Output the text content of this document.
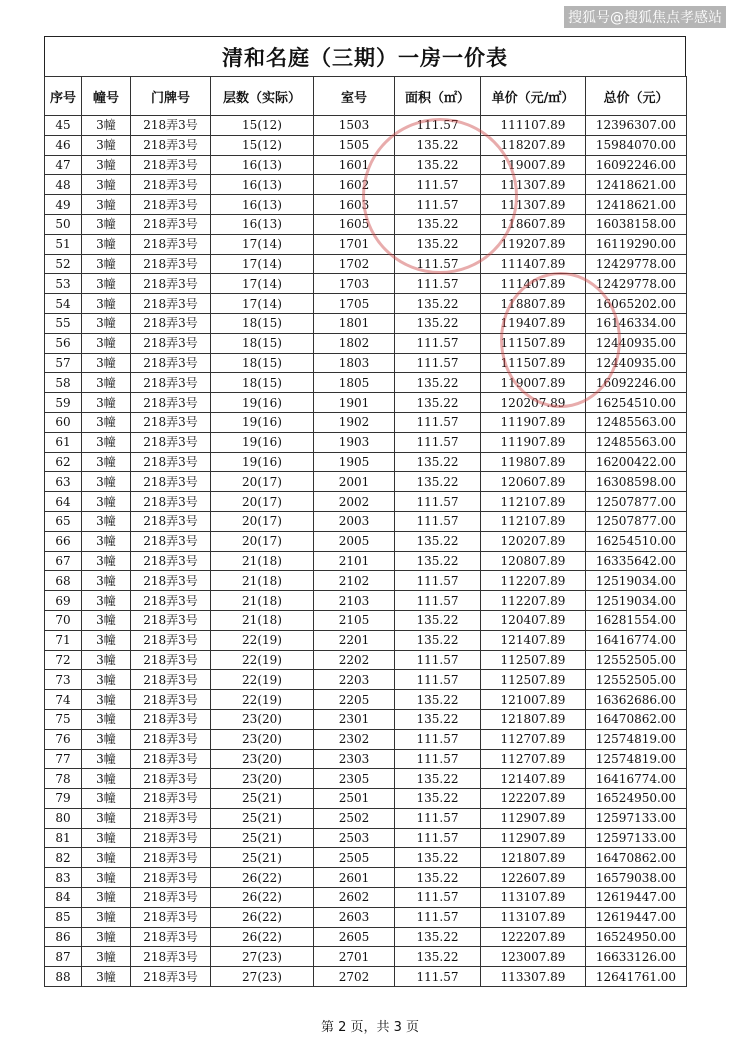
搜狐号@搜狐焦点孝感站
清和名庭（三期）一房一价表
序号	幢号	门牌号	层数（实际）	室号	面积（㎡）	单价（元/㎡）	总价（元）
45	3幢	218弄3号	15(12)	1503	111.57	111107.89	12396307.00
46	3幢	218弄3号	15(12)	1505	135.22	118207.89	15984070.00
47	3幢	218弄3号	16(13)	1601	135.22	119007.89	16092246.00
48	3幢	218弄3号	16(13)	1602	111.57	111307.89	12418621.00
49	3幢	218弄3号	16(13)	1603	111.57	111307.89	12418621.00
50	3幢	218弄3号	16(13)	1605	135.22	118607.89	16038158.00
51	3幢	218弄3号	17(14)	1701	135.22	119207.89	16119290.00
52	3幢	218弄3号	17(14)	1702	111.57	111407.89	12429778.00
53	3幢	218弄3号	17(14)	1703	111.57	111407.89	12429778.00
54	3幢	218弄3号	17(14)	1705	135.22	118807.89	16065202.00
55	3幢	218弄3号	18(15)	1801	135.22	119407.89	16146334.00
56	3幢	218弄3号	18(15)	1802	111.57	111507.89	12440935.00
57	3幢	218弄3号	18(15)	1803	111.57	111507.89	12440935.00
58	3幢	218弄3号	18(15)	1805	135.22	119007.89	16092246.00
59	3幢	218弄3号	19(16)	1901	135.22	120207.89	16254510.00
60	3幢	218弄3号	19(16)	1902	111.57	111907.89	12485563.00
61	3幢	218弄3号	19(16)	1903	111.57	111907.89	12485563.00
62	3幢	218弄3号	19(16)	1905	135.22	119807.89	16200422.00
63	3幢	218弄3号	20(17)	2001	135.22	120607.89	16308598.00
64	3幢	218弄3号	20(17)	2002	111.57	112107.89	12507877.00
65	3幢	218弄3号	20(17)	2003	111.57	112107.89	12507877.00
66	3幢	218弄3号	20(17)	2005	135.22	120207.89	16254510.00
67	3幢	218弄3号	21(18)	2101	135.22	120807.89	16335642.00
68	3幢	218弄3号	21(18)	2102	111.57	112207.89	12519034.00
69	3幢	218弄3号	21(18)	2103	111.57	112207.89	12519034.00
70	3幢	218弄3号	21(18)	2105	135.22	120407.89	16281554.00
71	3幢	218弄3号	22(19)	2201	135.22	121407.89	16416774.00
72	3幢	218弄3号	22(19)	2202	111.57	112507.89	12552505.00
73	3幢	218弄3号	22(19)	2203	111.57	112507.89	12552505.00
74	3幢	218弄3号	22(19)	2205	135.22	121007.89	16362686.00
75	3幢	218弄3号	23(20)	2301	135.22	121807.89	16470862.00
76	3幢	218弄3号	23(20)	2302	111.57	112707.89	12574819.00
77	3幢	218弄3号	23(20)	2303	111.57	112707.89	12574819.00
78	3幢	218弄3号	23(20)	2305	135.22	121407.89	16416774.00
79	3幢	218弄3号	25(21)	2501	135.22	122207.89	16524950.00
80	3幢	218弄3号	25(21)	2502	111.57	112907.89	12597133.00
81	3幢	218弄3号	25(21)	2503	111.57	112907.89	12597133.00
82	3幢	218弄3号	25(21)	2505	135.22	121807.89	16470862.00
83	3幢	218弄3号	26(22)	2601	135.22	122607.89	16579038.00
84	3幢	218弄3号	26(22)	2602	111.57	113107.89	12619447.00
85	3幢	218弄3号	26(22)	2603	111.57	113107.89	12619447.00
86	3幢	218弄3号	26(22)	2605	135.22	122207.89	16524950.00
87	3幢	218弄3号	27(23)	2701	135.22	123007.89	16633126.00
88	3幢	218弄3号	27(23)	2702	111.57	113307.89	12641761.00
第 2 页，共 3 页
